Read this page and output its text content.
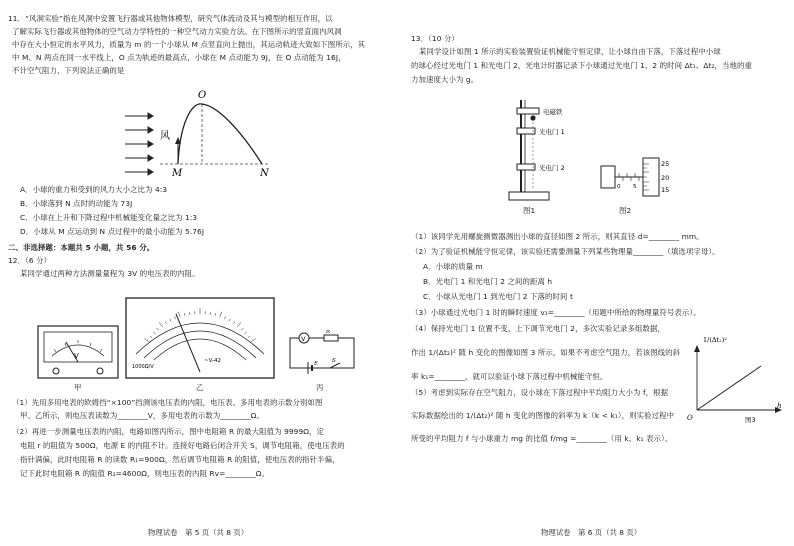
11．“风洞实验”指在风洞中安置飞行器或其他物体模型，研究气体流动及其与模型的相互作用，以
了解实际飞行器或其他物体的空气动力学特性的一种空气动力实验方法。在下图所示的竖直面内风洞
中存在大小恒定的水平风力，质量为 m 的一个小球从 M 点竖直向上抛出，其运动轨迹大致如下图所示，其
中 M、N 两点在同一水平线上，O 点为轨迹的最高点，小球在 M 点动能为 9J，在 O 点动能为 16J，
不计空气阻力，下列说法正确的是
风
O
M	N
A．小球的重力和受到的风力大小之比为 4:3
B．小球落到 N 点时的动能为 73J
C．小球在上升和下降过程中机械能变化量之比为 1:3
D．小球从 M 点运动到 N 点过程中的最小动能为 5.76J
二、非选择题：本题共 5 小题，共 56 分。
12．（6 分）
某同学通过两种方法测量量程为 3V 的电压表的内阻。
V
甲
1000Ω/V
~V-42
乙
V
R
E	S
丙
（1）先用多用电表的欧姆挡“×100”挡测该电压表的内阻，电压表、多用电表的示数分别如图
甲、乙所示，则电压表读数为________V，多用电表的示数为________Ω。
（2）再进一步测量电压表的内阻，电路如图丙所示，图中电阻箱 R 的最大阻值为 9999Ω，定
电阻 r 的阻值为 500Ω，电源 E 的内阻不计。连接好电路后闭合开关 S，调节电阻箱，使电压表的
指针满偏，此时电阻箱 R 的读数 R₁=900Ω，然后调节电阻箱 R 的阻值，使电压表的指针半偏，
记下此时电阻箱 R 的阻值 R₂=4600Ω，则电压表的内阻 Rv=________Ω。
物理试卷　第 5 页（共 8 页）
13．（10 分）
某同学设计如图 1 所示的实验装置验证机械能守恒定律，让小球自由下落，下落过程中小球
的球心经过光电门 1 和光电门 2，光电计时器记录下小球通过光电门 1、2 的时间 Δt₁、Δt₂，当地的重
力加速度大小为 g。
电磁铁
光电门 1
光电门 2
图1
25
20
15
0 5
图2
（1）该同学先用螺旋测微器测出小球的直径如图 2 所示，则其直径 d=________ mm。
（2）为了验证机械能守恒定律，该实验还需要测量下列某些物理量________（填选项字母）。
A．小球的质量 m
B．光电门 1 和光电门 2 之间的距离 h
C．小球从光电门 1 到光电门 2 下落的时间 t
（3）小球通过光电门 1 时的瞬时速度 v₁=________（用题中所给的物理量符号表示）。
（4）保持光电门 1 位置不变，上下调节光电门 2，多次实验记录多组数据，
作出 1/(Δt₂)² 随 h 变化的图像如图 3 所示，如果不考虑空气阻力，若该图线的斜
率 k₁=________，就可以验证小球下落过程中机械能守恒。
（5）考虑到实际存在空气阻力，设小球在下落过程中平均阻力大小为 f，根据
实际数据绘出的 1/(Δt₂)² 随 h 变化的图像的斜率为 k（k < k₁），则实验过程中
所受的平均阻力 f 与小球重力 mg 的比值 f/mg =________（用 k、k₁ 表示）。
1/(Δt₂)²
h
O	图3
物理试卷　第 6 页（共 8 页）
